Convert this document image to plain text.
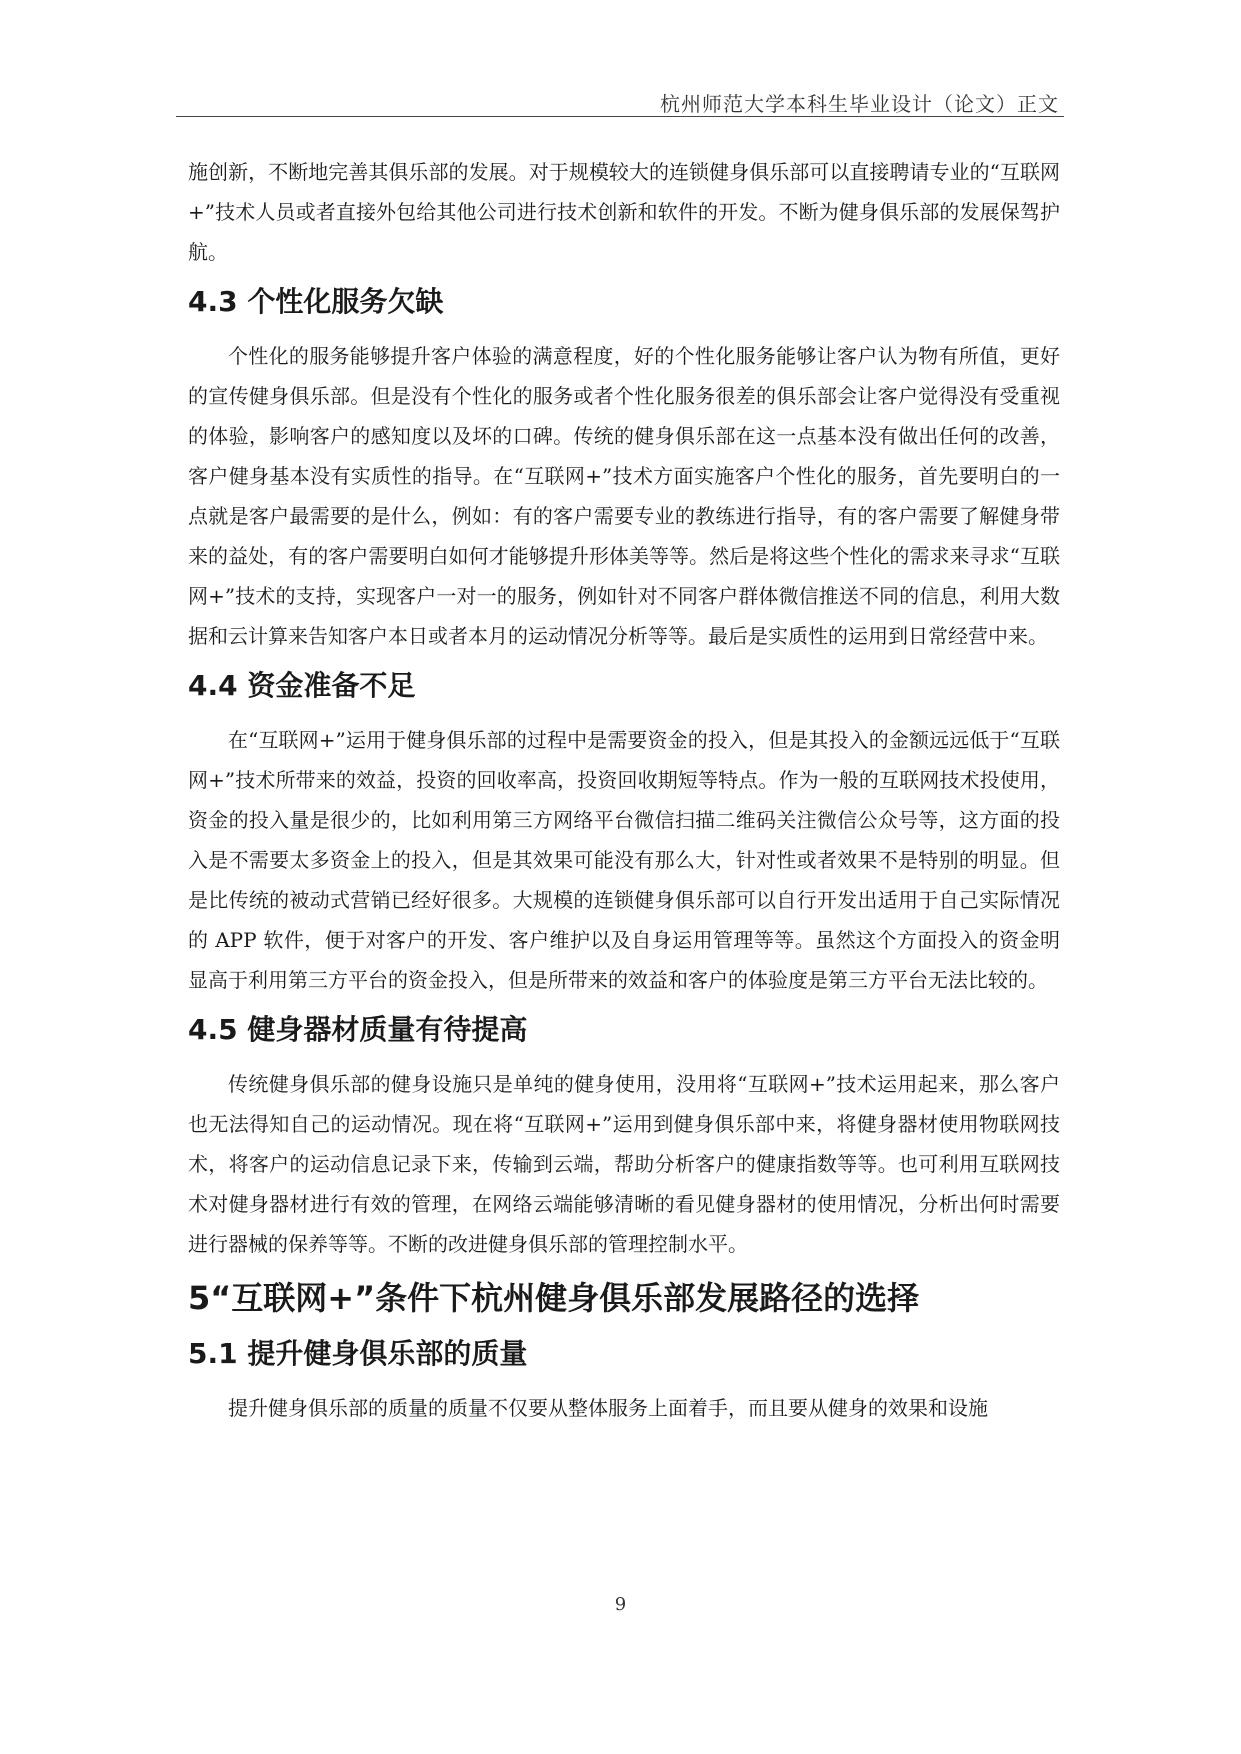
杭州师范大学本科生毕业设计（论文）正文

施创新，不断地完善其俱乐部的发展。对于规模较大的连锁健身俱乐部可以直接聘请专业的“互联网+”技术人员或者直接外包给其他公司进行技术创新和软件的开发。不断为健身俱乐部的发展保驾护航。

4.3 个性化服务欠缺

个性化的服务能够提升客户体验的满意程度，好的个性化服务能够让客户认为物有所值，更好的宣传健身俱乐部。但是没有个性化的服务或者个性化服务很差的俱乐部会让客户觉得没有受重视的体验，影响客户的感知度以及坏的口碑。传统的健身俱乐部在这一点基本没有做出任何的改善，客户健身基本没有实质性的指导。在“互联网+”技术方面实施客户个性化的服务，首先要明白的一点就是客户最需要的是什么，例如：有的客户需要专业的教练进行指导，有的客户需要了解健身带来的益处，有的客户需要明白如何才能够提升形体美等等。然后是将这些个性化的需求来寻求“互联网+”技术的支持，实现客户一对一的服务，例如针对不同客户群体微信推送不同的信息，利用大数据和云计算来告知客户本日或者本月的运动情况分析等等。最后是实质性的运用到日常经营中来。

4.4 资金准备不足

在“互联网+”运用于健身俱乐部的过程中是需要资金的投入，但是其投入的金额远远低于“互联网+”技术所带来的效益，投资的回收率高，投资回收期短等特点。作为一般的互联网技术投使用，资金的投入量是很少的，比如利用第三方网络平台微信扫描二维码关注微信公众号等，这方面的投入是不需要太多资金上的投入，但是其效果可能没有那么大，针对性或者效果不是特别的明显。但是比传统的被动式营销已经好很多。大规模的连锁健身俱乐部可以自行开发出适用于自己实际情况的 APP 软件，便于对客户的开发、客户维护以及自身运用管理等等。虽然这个方面投入的资金明显高于利用第三方平台的资金投入，但是所带来的效益和客户的体验度是第三方平台无法比较的。

4.5 健身器材质量有待提高

传统健身俱乐部的健身设施只是单纯的健身使用，没用将“互联网+”技术运用起来，那么客户也无法得知自己的运动情况。现在将“互联网+”运用到健身俱乐部中来，将健身器材使用物联网技术，将客户的运动信息记录下来，传输到云端，帮助分析客户的健康指数等等。也可利用互联网技术对健身器材进行有效的管理，在网络云端能够清晰的看见健身器材的使用情况，分析出何时需要进行器械的保养等等。不断的改进健身俱乐部的管理控制水平。

5“互联网+”条件下杭州健身俱乐部发展路径的选择
5.1 提升健身俱乐部的质量

提升健身俱乐部的质量的质量不仅要从整体服务上面着手，而且要从健身的效果和设施

9
